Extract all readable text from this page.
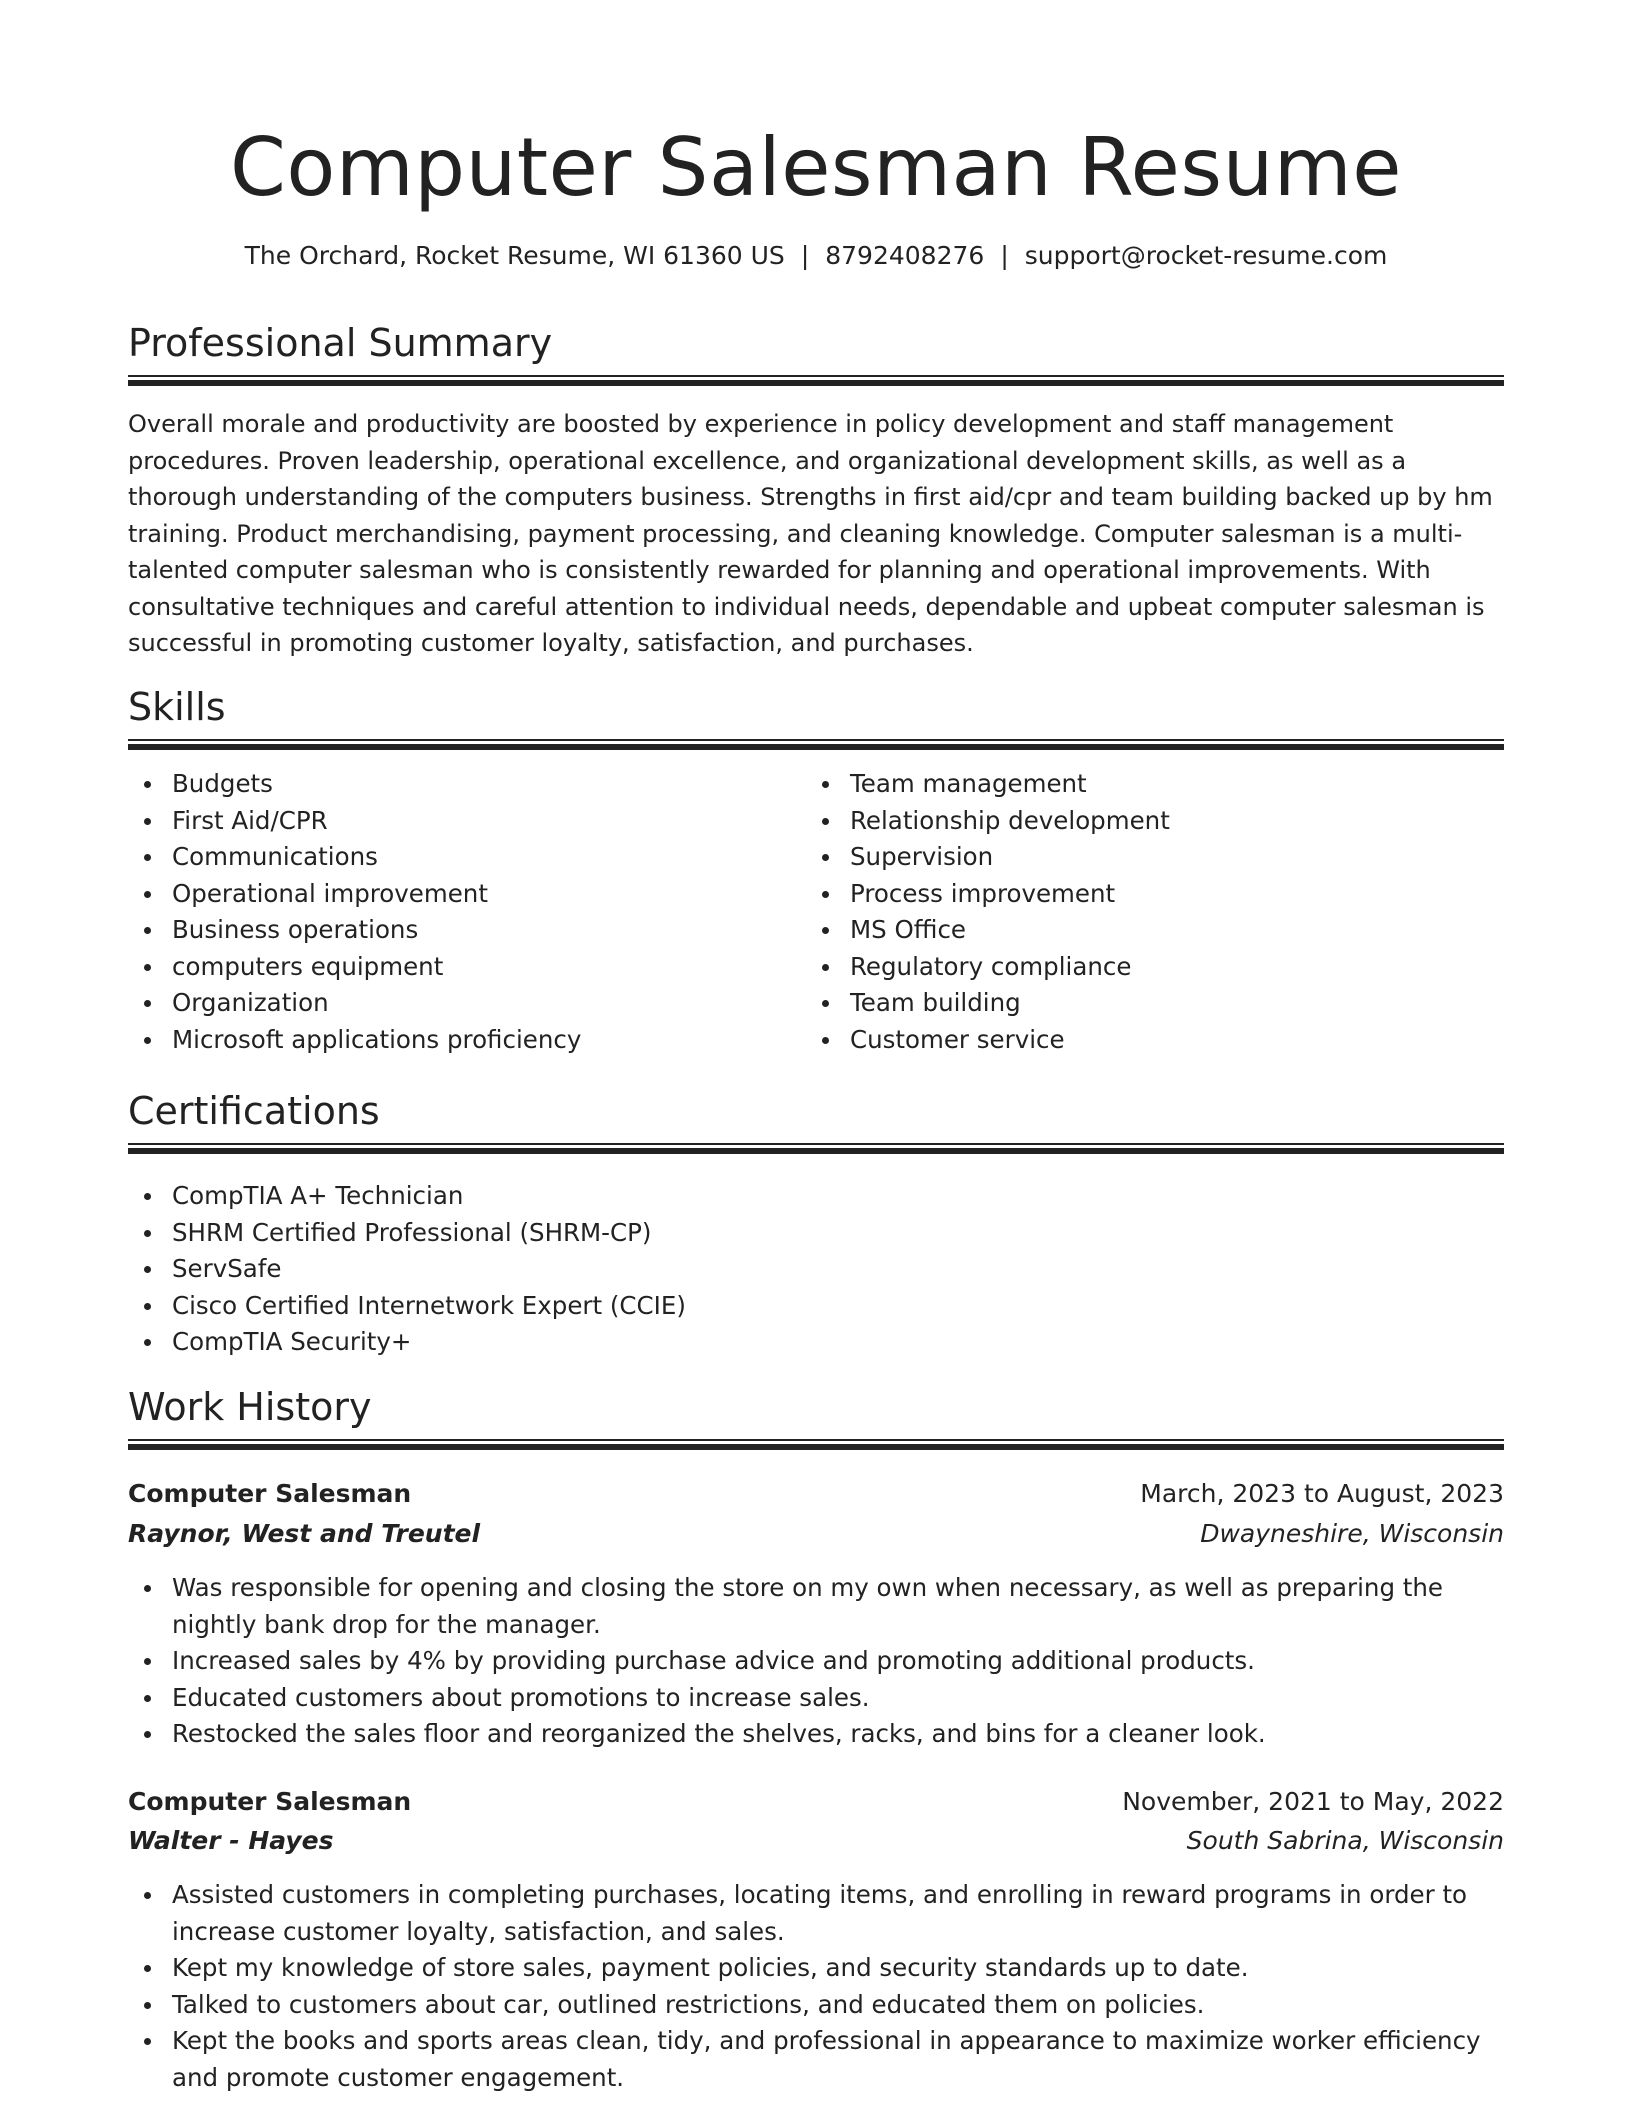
Computer Salesman Resume
The Orchard, Rocket Resume, WI 61360 US | 8792408276 | support@rocket-resume.com
Professional Summary

Overall morale and productivity are boosted by experience in policy development and staff management procedures. Proven leadership, operational excellence, and organizational development skills, as well as a thorough understanding of the computers business. Strengths in first aid/cpr and team building backed up by hm training. Product merchandising, payment processing, and cleaning knowledge. Computer salesman is a multi-talented computer salesman who is consistently rewarded for planning and operational improvements. With consultative techniques and careful attention to individual needs, dependable and upbeat computer salesman is successful in promoting customer loyalty, satisfaction, and purchases.

Skills
Budgets
First Aid/CPR
Communications
Operational improvement
Business operations
computers equipment
Organization
Microsoft applications proficiency
Team management
Relationship development
Supervision
Process improvement
MS Office
Regulatory compliance
Team building
Customer service
Certifications
CompTIA A+ Technician
SHRM Certified Professional (SHRM-CP)
ServSafe
Cisco Certified Internetwork Expert (CCIE)
CompTIA Security+
Work History
Computer Salesman	March, 2023 to August, 2023
Raynor, West and Treutel	Dwayneshire, Wisconsin
Was responsible for opening and closing the store on my own when necessary, as well as preparing the nightly bank drop for the manager.
Increased sales by 4% by providing purchase advice and promoting additional products.
Educated customers about promotions to increase sales.
Restocked the sales floor and reorganized the shelves, racks, and bins for a cleaner look.
Computer Salesman	November, 2021 to May, 2022
Walter - Hayes	South Sabrina, Wisconsin
Assisted customers in completing purchases, locating items, and enrolling in reward programs in order to increase customer loyalty, satisfaction, and sales.
Kept my knowledge of store sales, payment policies, and security standards up to date.
Talked to customers about car, outlined restrictions, and educated them on policies.
Kept the books and sports areas clean, tidy, and professional in appearance to maximize worker efficiency and promote customer engagement.
